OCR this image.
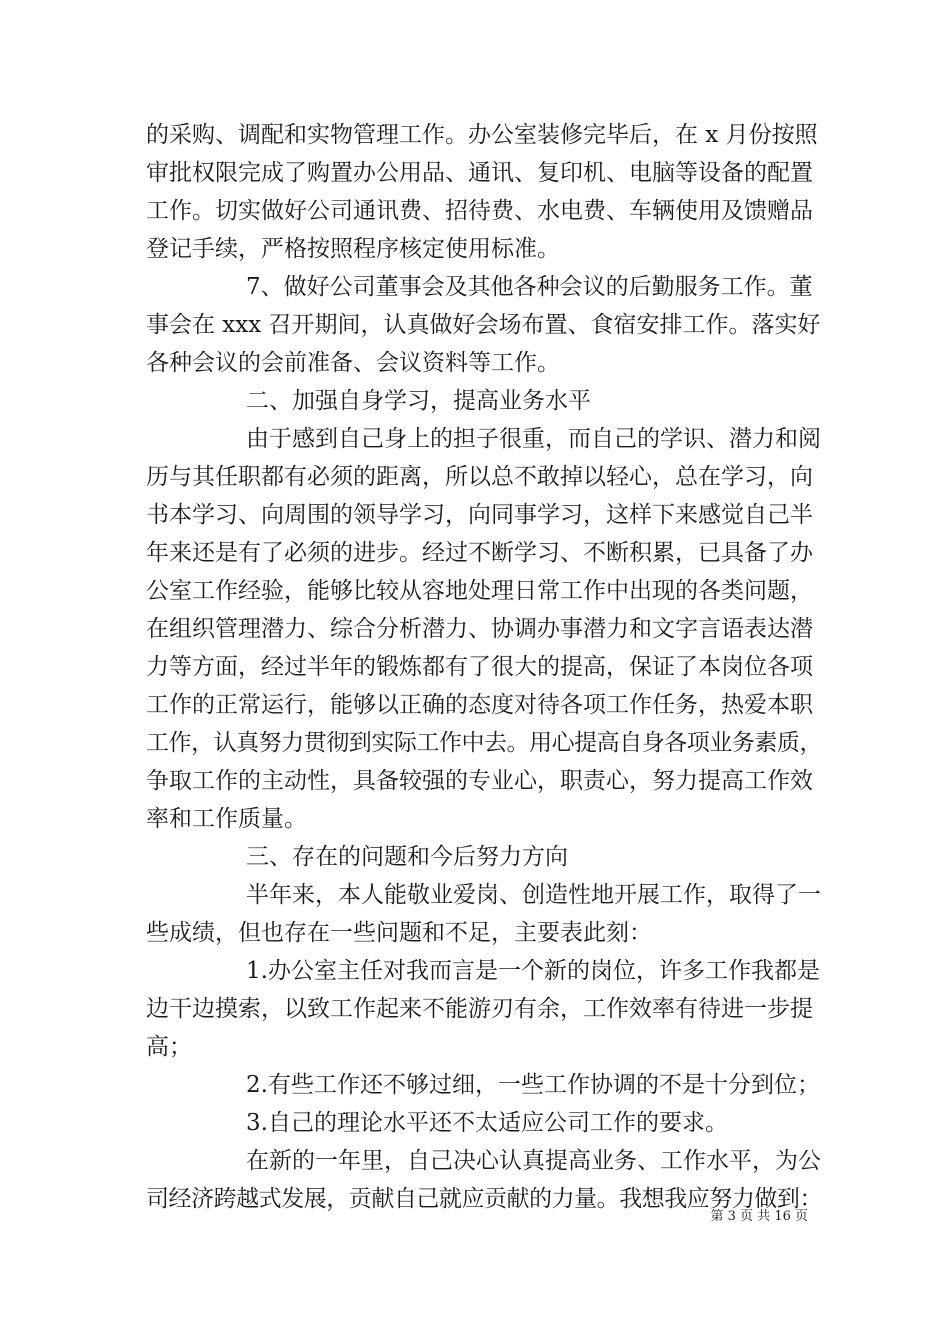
的采购、调配和实物管理工作。办公室装修完毕后，在 x 月份按照
审批权限完成了购置办公用品、通讯、复印机、电脑等设备的配置
工作。切实做好公司通讯费、招待费、水电费、车辆使用及馈赠品
登记手续，严格按照程序核定使用标准。
7、做好公司董事会及其他各种会议的后勤服务工作。董
事会在 xxx 召开期间，认真做好会场布置、食宿安排工作。落实好
各种会议的会前准备、会议资料等工作。
二、加强自身学习，提高业务水平
由于感到自己身上的担子很重，而自己的学识、潜力和阅
历与其任职都有必须的距离，所以总不敢掉以轻心，总在学习，向
书本学习、向周围的领导学习，向同事学习，这样下来感觉自己半
年来还是有了必须的进步。经过不断学习、不断积累，已具备了办
公室工作经验，能够比较从容地处理日常工作中出现的各类问题，
在组织管理潜力、综合分析潜力、协调办事潜力和文字言语表达潜
力等方面，经过半年的锻炼都有了很大的提高，保证了本岗位各项
工作的正常运行，能够以正确的态度对待各项工作任务，热爱本职
工作，认真努力贯彻到实际工作中去。用心提高自身各项业务素质，
争取工作的主动性，具备较强的专业心，职责心，努力提高工作效
率和工作质量。
三、存在的问题和今后努力方向
半年来，本人能敬业爱岗、创造性地开展工作，取得了一
些成绩，但也存在一些问题和不足，主要表此刻：
1.办公室主任对我而言是一个新的岗位，许多工作我都是
边干边摸索，以致工作起来不能游刃有余，工作效率有待进一步提
高；
2.有些工作还不够过细，一些工作协调的不是十分到位；
3.自己的理论水平还不太适应公司工作的要求。
在新的一年里，自己决心认真提高业务、工作水平，为公
司经济跨越式发展，贡献自己就应贡献的力量。我想我应努力做到：
第 3 页 共 16 页
